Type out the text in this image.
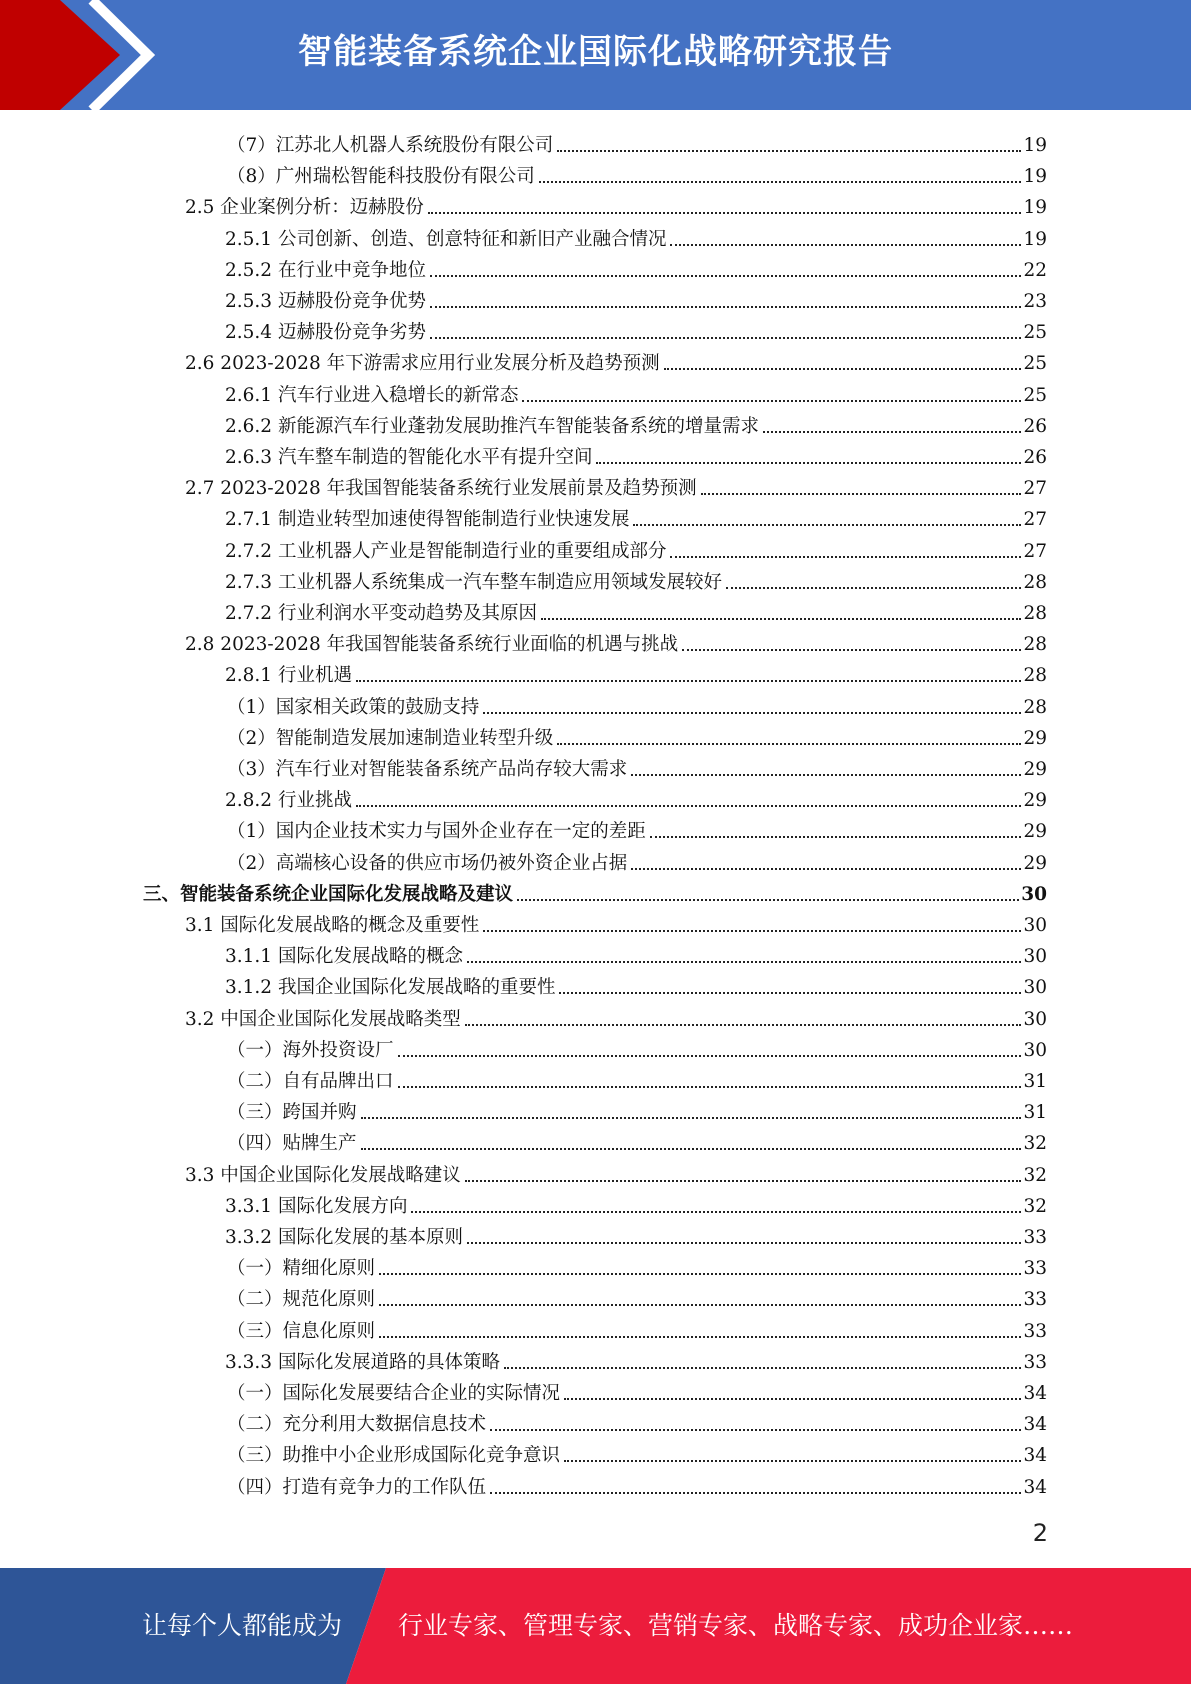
智能装备系统企业国际化战略研究报告
（7）江苏北人机器人系统股份有限公司	19
（8）广州瑞松智能科技股份有限公司	19
2.5 企业案例分析：迈赫股份	19
2.5.1 公司创新、创造、创意特征和新旧产业融合情况	19
2.5.2 在行业中竞争地位	22
2.5.3 迈赫股份竞争优势	23
2.5.4 迈赫股份竞争劣势	25
2.6 2023-2028 年下游需求应用行业发展分析及趋势预测	25
2.6.1 汽车行业进入稳增长的新常态	25
2.6.2 新能源汽车行业蓬勃发展助推汽车智能装备系统的增量需求	26
2.6.3 汽车整车制造的智能化水平有提升空间	26
2.7 2023-2028 年我国智能装备系统行业发展前景及趋势预测	27
2.7.1 制造业转型加速使得智能制造行业快速发展	27
2.7.2 工业机器人产业是智能制造行业的重要组成部分	27
2.7.3 工业机器人系统集成一汽车整车制造应用领域发展较好	28
2.7.2 行业利润水平变动趋势及其原因	28
2.8 2023-2028 年我国智能装备系统行业面临的机遇与挑战	28
2.8.1 行业机遇	28
（1）国家相关政策的鼓励支持	28
（2）智能制造发展加速制造业转型升级	29
（3）汽车行业对智能装备系统产品尚存较大需求	29
2.8.2 行业挑战	29
（1）国内企业技术实力与国外企业存在一定的差距	29
（2）高端核心设备的供应市场仍被外资企业占据	29
三、智能装备系统企业国际化发展战略及建议	30
3.1 国际化发展战略的概念及重要性	30
3.1.1 国际化发展战略的概念	30
3.1.2 我国企业国际化发展战略的重要性	30
3.2 中国企业国际化发展战略类型	30
（一）海外投资设厂	30
（二）自有品牌出口	31
（三）跨国并购	31
（四）贴牌生产	32
3.3 中国企业国际化发展战略建议	32
3.3.1 国际化发展方向	32
3.3.2 国际化发展的基本原则	33
（一）精细化原则	33
（二）规范化原则	33
（三）信息化原则	33
3.3.3 国际化发展道路的具体策略	33
（一）国际化发展要结合企业的实际情况	34
（二）充分利用大数据信息技术	34
（三）助推中小企业形成国际化竞争意识	34
（四）打造有竞争力的工作队伍	34
2
让每个人都能成为 行业专家、管理专家、营销专家、战略专家、成功企业家……
